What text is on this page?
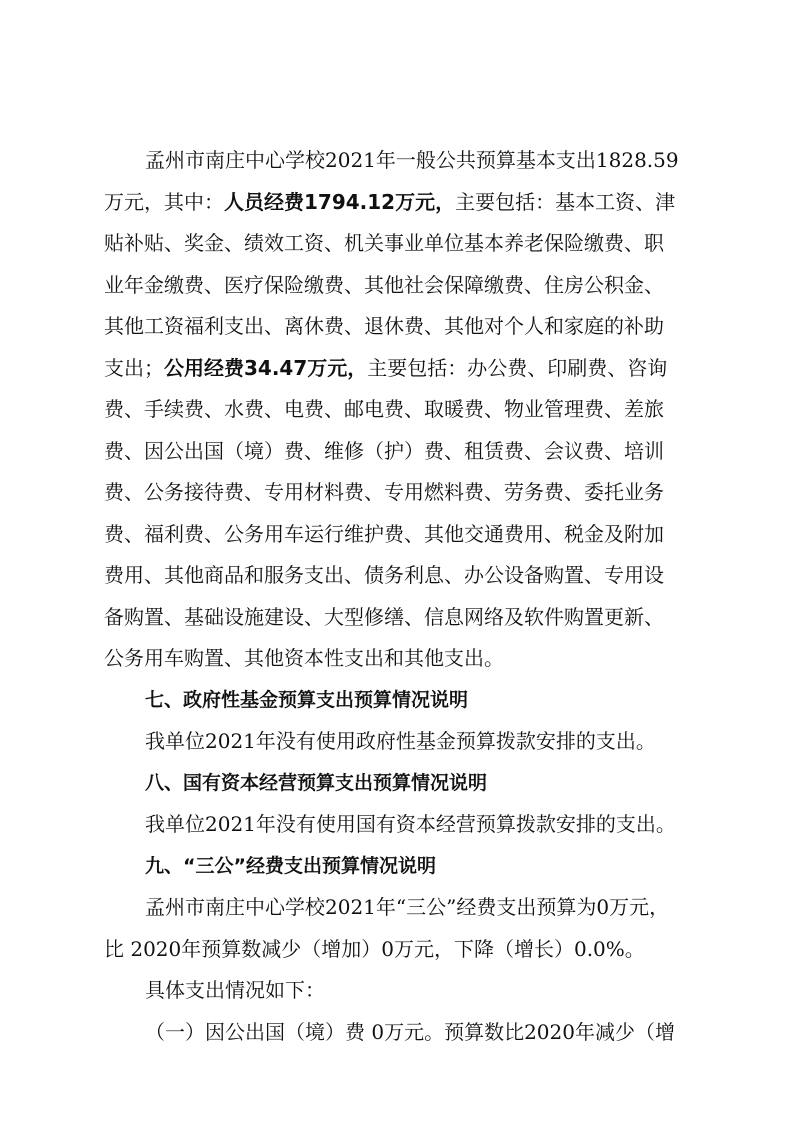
孟州市南庄中心学校2021年一般公共预算基本支出1828.59
万元，其中：人员经费1794.12万元，主要包括：基本工资、津
贴补贴、奖金、绩效工资、机关事业单位基本养老保险缴费、职
业年金缴费、医疗保险缴费、其他社会保障缴费、住房公积金、
其他工资福利支出、离休费、退休费、其他对个人和家庭的补助
支出；公用经费34.47万元，主要包括：办公费、印刷费、咨询
费、手续费、水费、电费、邮电费、取暖费、物业管理费、差旅
费、因公出国（境）费、维修（护）费、租赁费、会议费、培训
费、公务接待费、专用材料费、专用燃料费、劳务费、委托业务
费、福利费、公务用车运行维护费、其他交通费用、税金及附加
费用、其他商品和服务支出、债务利息、办公设备购置、专用设
备购置、基础设施建设、大型修缮、信息网络及软件购置更新、
公务用车购置、其他资本性支出和其他支出。
七、政府性基金预算支出预算情况说明
我单位2021年没有使用政府性基金预算拨款安排的支出。
八、国有资本经营预算支出预算情况说明
我单位2021年没有使用国有资本经营预算拨款安排的支出。
九、“三公”经费支出预算情况说明
孟州市南庄中心学校2021年“三公”经费支出预算为0万元，
比 2020年预算数减少（增加）0万元，下降（增长）0.0%。
具体支出情况如下：
（一）因公出国（境）费 0万元。预算数比2020年减少（增
